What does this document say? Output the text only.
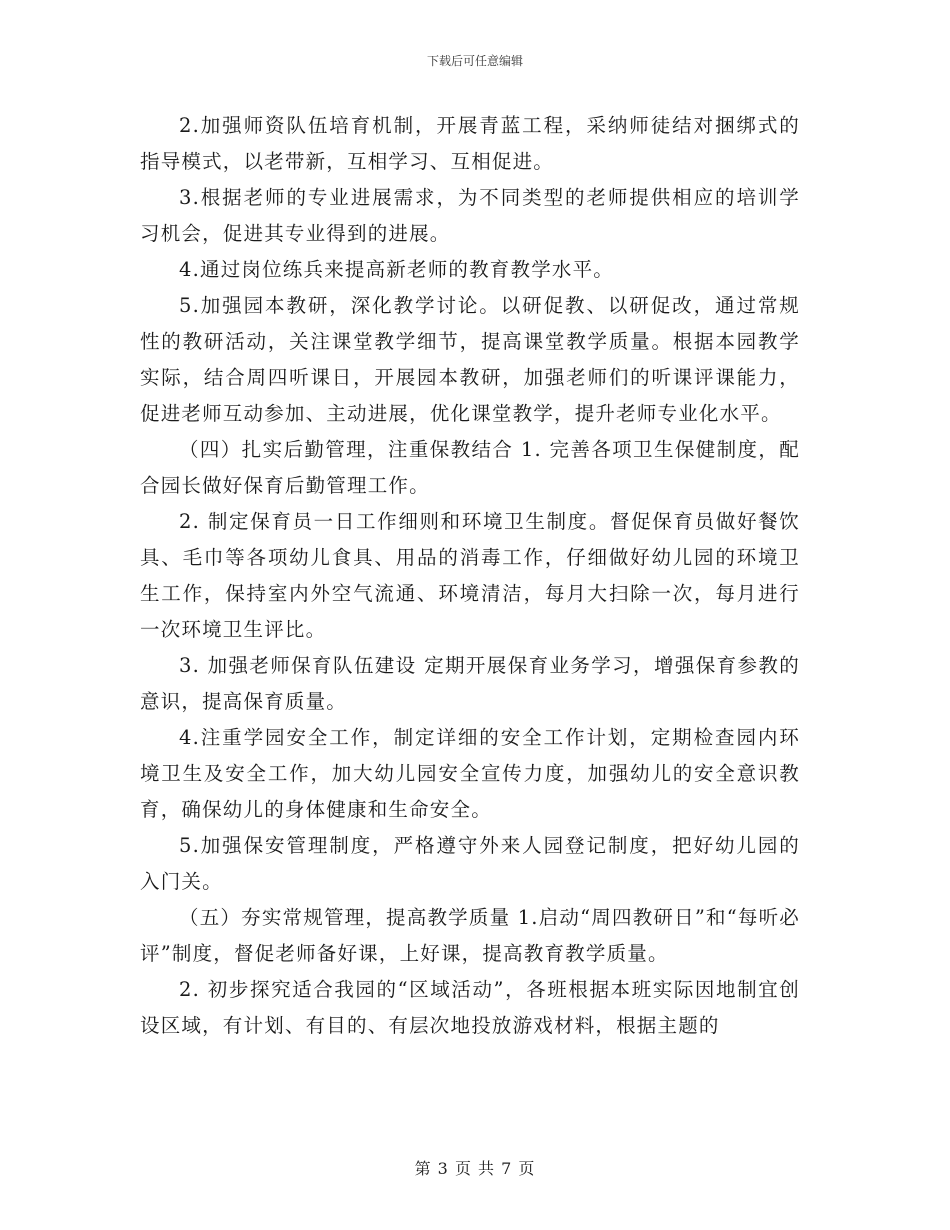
下载后可任意编辑

2.加强师资队伍培育机制，开展青蓝工程，采纳师徒结对捆绑式的指导模式，以老带新，互相学习、互相促进。

3.根据老师的专业进展需求，为不同类型的老师提供相应的培训学习机会，促进其专业得到的进展。

4.通过岗位练兵来提高新老师的教育教学水平。

5.加强园本教研，深化教学讨论。以研促教、以研促改，通过常规性的教研活动，关注课堂教学细节，提高课堂教学质量。根据本园教学实际，结合周四听课日，开展园本教研，加强老师们的听课评课能力，促进老师互动参加、主动进展，优化课堂教学，提升老师专业化水平。

（四）扎实后勤管理，注重保教结合 1. 完善各项卫生保健制度，配合园长做好保育后勤管理工作。

2. 制定保育员一日工作细则和环境卫生制度。督促保育员做好餐饮具、毛巾等各项幼儿食具、用品的消毒工作，仔细做好幼儿园的环境卫生工作，保持室内外空气流通、环境清洁，每月大扫除一次，每月进行一次环境卫生评比。

3. 加强老师保育队伍建设 定期开展保育业务学习，增强保育参教的意识，提高保育质量。

4.注重学园安全工作，制定详细的安全工作计划，定期检查园内环境卫生及安全工作，加大幼儿园安全宣传力度，加强幼儿的安全意识教育，确保幼儿的身体健康和生命安全。

5.加强保安管理制度，严格遵守外来人园登记制度，把好幼儿园的入门关。

（五）夯实常规管理，提高教学质量 1.启动“周四教研日”和“每听必评”制度，督促老师备好课，上好课，提高教育教学质量。

2. 初步探究适合我园的“区域活动”，各班根据本班实际因地制宜创设区域，有计划、有目的、有层次地投放游戏材料，根据主题的

第 3 页 共 7 页
